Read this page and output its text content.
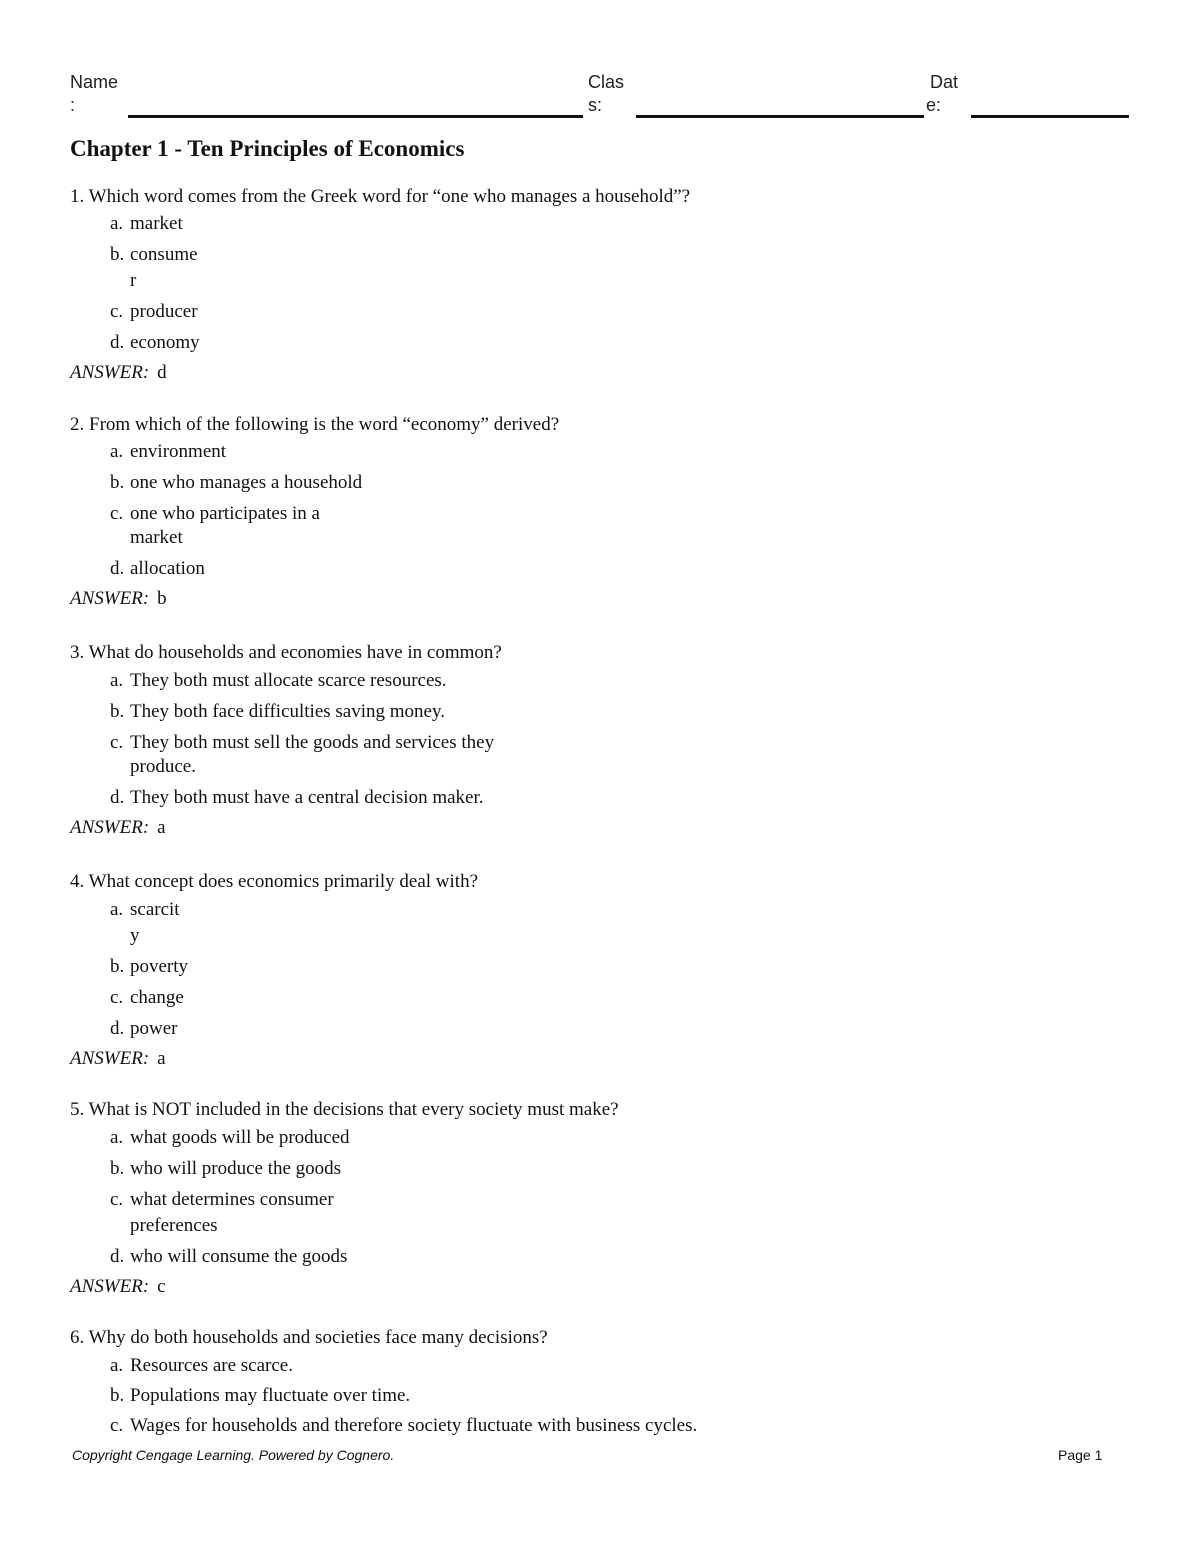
Name
:
Clas
s:
Dat
e:
Chapter 1 - Ten Principles of Economics

1. Which word comes from the Greek word for “one who manages a household”?

a. market
b. consume
r
c. producer
d. economy

ANSWER: d

2. From which of the following is the word “economy” derived?

a. environment
b. one who manages a household
c. one who participates in a
market
d. allocation

ANSWER: b

3. What do households and economies have in common?

a. They both must allocate scarce resources.
b. They both face difficulties saving money.
c. They both must sell the goods and services they
produce.
d. They both must have a central decision maker.

ANSWER: a

4. What concept does economics primarily deal with?

a. scarcit
y
b. poverty
c. change
d. power

ANSWER: a

5. What is NOT included in the decisions that every society must make?

a. what goods will be produced
b. who will produce the goods
c. what determines consumer
preferences
d. who will consume the goods

ANSWER: c

6. Why do both households and societies face many decisions?

a. Resources are scarce.
b. Populations may fluctuate over time.
c. Wages for households and therefore society fluctuate with business cycles.
Copyright Cengage Learning. Powered by Cognero.	Page 1
